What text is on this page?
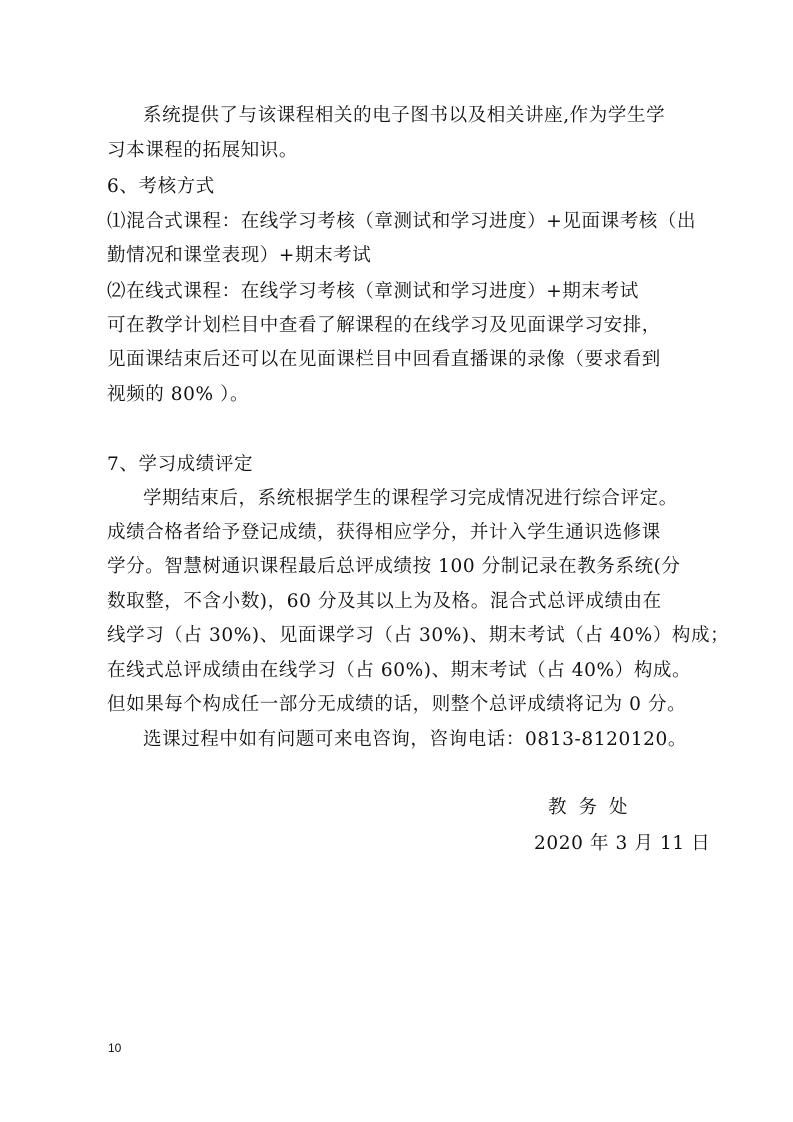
系统提供了与该课程相关的电子图书以及相关讲座,作为学生学
习本课程的拓展知识。
6、考核方式
⑴混合式课程：在线学习考核（章测试和学习进度）+见面课考核（出
勤情况和课堂表现）+期末考试
⑵在线式课程：在线学习考核（章测试和学习进度）+期末考试
可在教学计划栏目中查看了解课程的在线学习及见面课学习安排，
见面课结束后还可以在见面课栏目中回看直播课的录像（要求看到
视频的 80% ）。
7、学习成绩评定
学期结束后，系统根据学生的课程学习完成情况进行综合评定。
成绩合格者给予登记成绩，获得相应学分，并计入学生通识选修课
学分。智慧树通识课程最后总评成绩按 100 分制记录在教务系统(分
数取整，不含小数)，60 分及其以上为及格。混合式总评成绩由在
线学习（占 30%)、见面课学习（占 30%)、期末考试（占 40%）构成；
在线式总评成绩由在线学习（占 60%)、期末考试（占 40%）构成。
但如果每个构成任一部分无成绩的话，则整个总评成绩将记为 0 分。
选课过程中如有问题可来电咨询，咨询电话：0813-8120120。
教务处
2020 年 3 月 11 日
10
